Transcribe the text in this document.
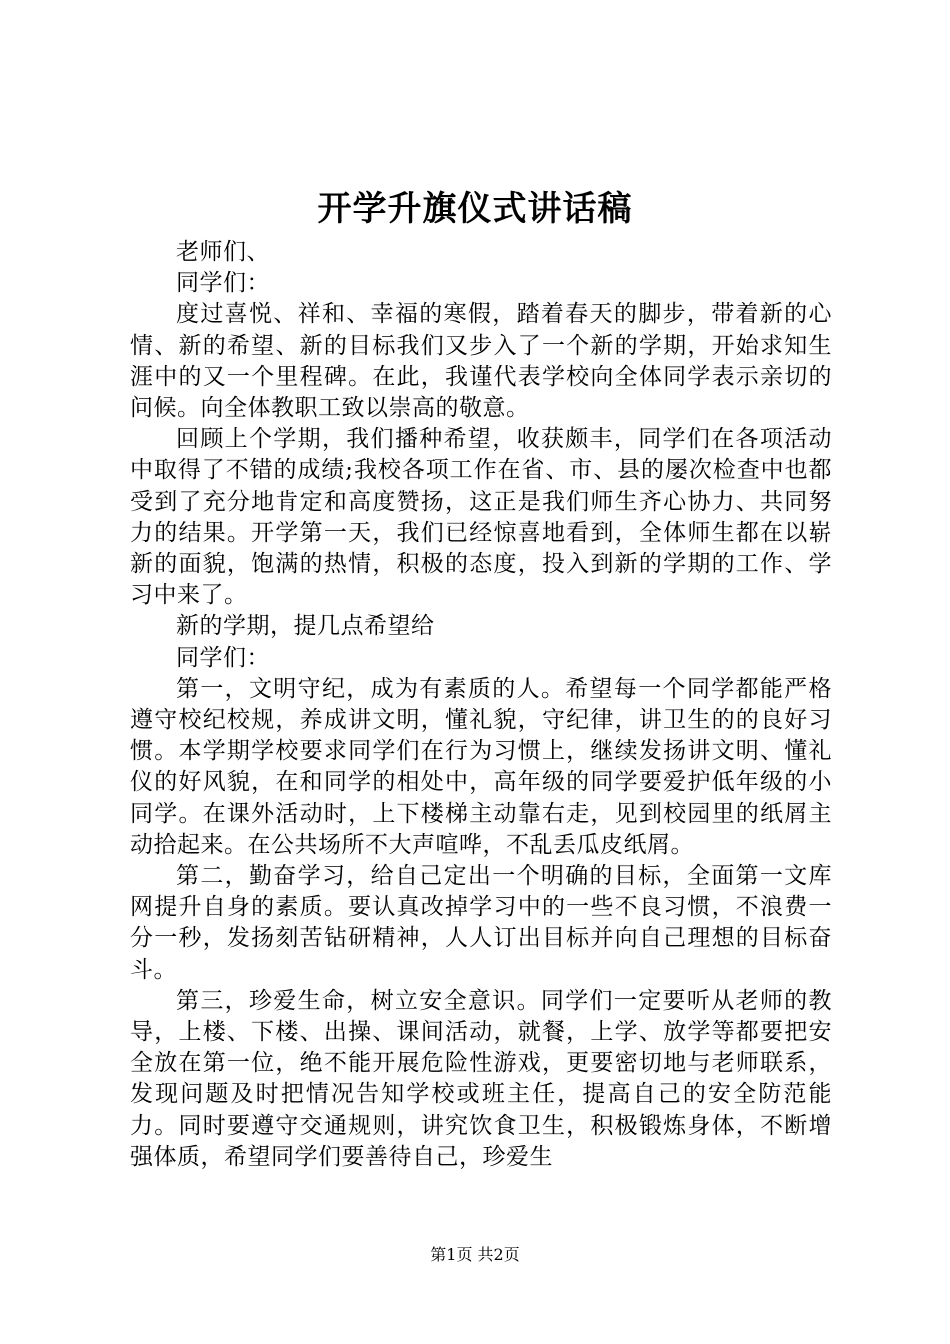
开学升旗仪式讲话稿

老师们、

同学们：

度过喜悦、祥和、幸福的寒假，踏着春天的脚步，带着新的心情、新的希望、新的目标我们又步入了一个新的学期，开始求知生涯中的又一个里程碑。在此，我谨代表学校向全体同学表示亲切的问候。向全体教职工致以崇高的敬意。

回顾上个学期，我们播种希望，收获颇丰，同学们在各项活动中取得了不错的成绩;我校各项工作在省、市、县的屡次检查中也都受到了充分地肯定和高度赞扬，这正是我们师生齐心协力、共同努力的结果。开学第一天，我们已经惊喜地看到，全体师生都在以崭新的面貌，饱满的热情，积极的态度，投入到新的学期的工作、学习中来了。

新的学期，提几点希望给

同学们：

第一，文明守纪，成为有素质的人。希望每一个同学都能严格遵守校纪校规，养成讲文明，懂礼貌，守纪律，讲卫生的的良好习惯。本学期学校要求同学们在行为习惯上，继续发扬讲文明、懂礼仪的好风貌，在和同学的相处中，高年级的同学要爱护低年级的小同学。在课外活动时，上下楼梯主动靠右走，见到校园里的纸屑主动拾起来。在公共场所不大声喧哗，不乱丢瓜皮纸屑。

第二，勤奋学习，给自己定出一个明确的目标，全面第一文库网提升自身的素质。要认真改掉学习中的一些不良习惯，不浪费一分一秒，发扬刻苦钻研精神，人人订出目标并向自己理想的目标奋斗。

第三，珍爱生命，树立安全意识。同学们一定要听从老师的教导，上楼、下楼、出操、课间活动，就餐，上学、放学等都要把安全放在第一位，绝不能开展危险性游戏，更要密切地与老师联系，发现问题及时把情况告知学校或班主任，提高自己的安全防范能力。同时要遵守交通规则，讲究饮食卫生，积极锻炼身体，不断增强体质，希望同学们要善待自己，珍爱生

第1页 共2页
